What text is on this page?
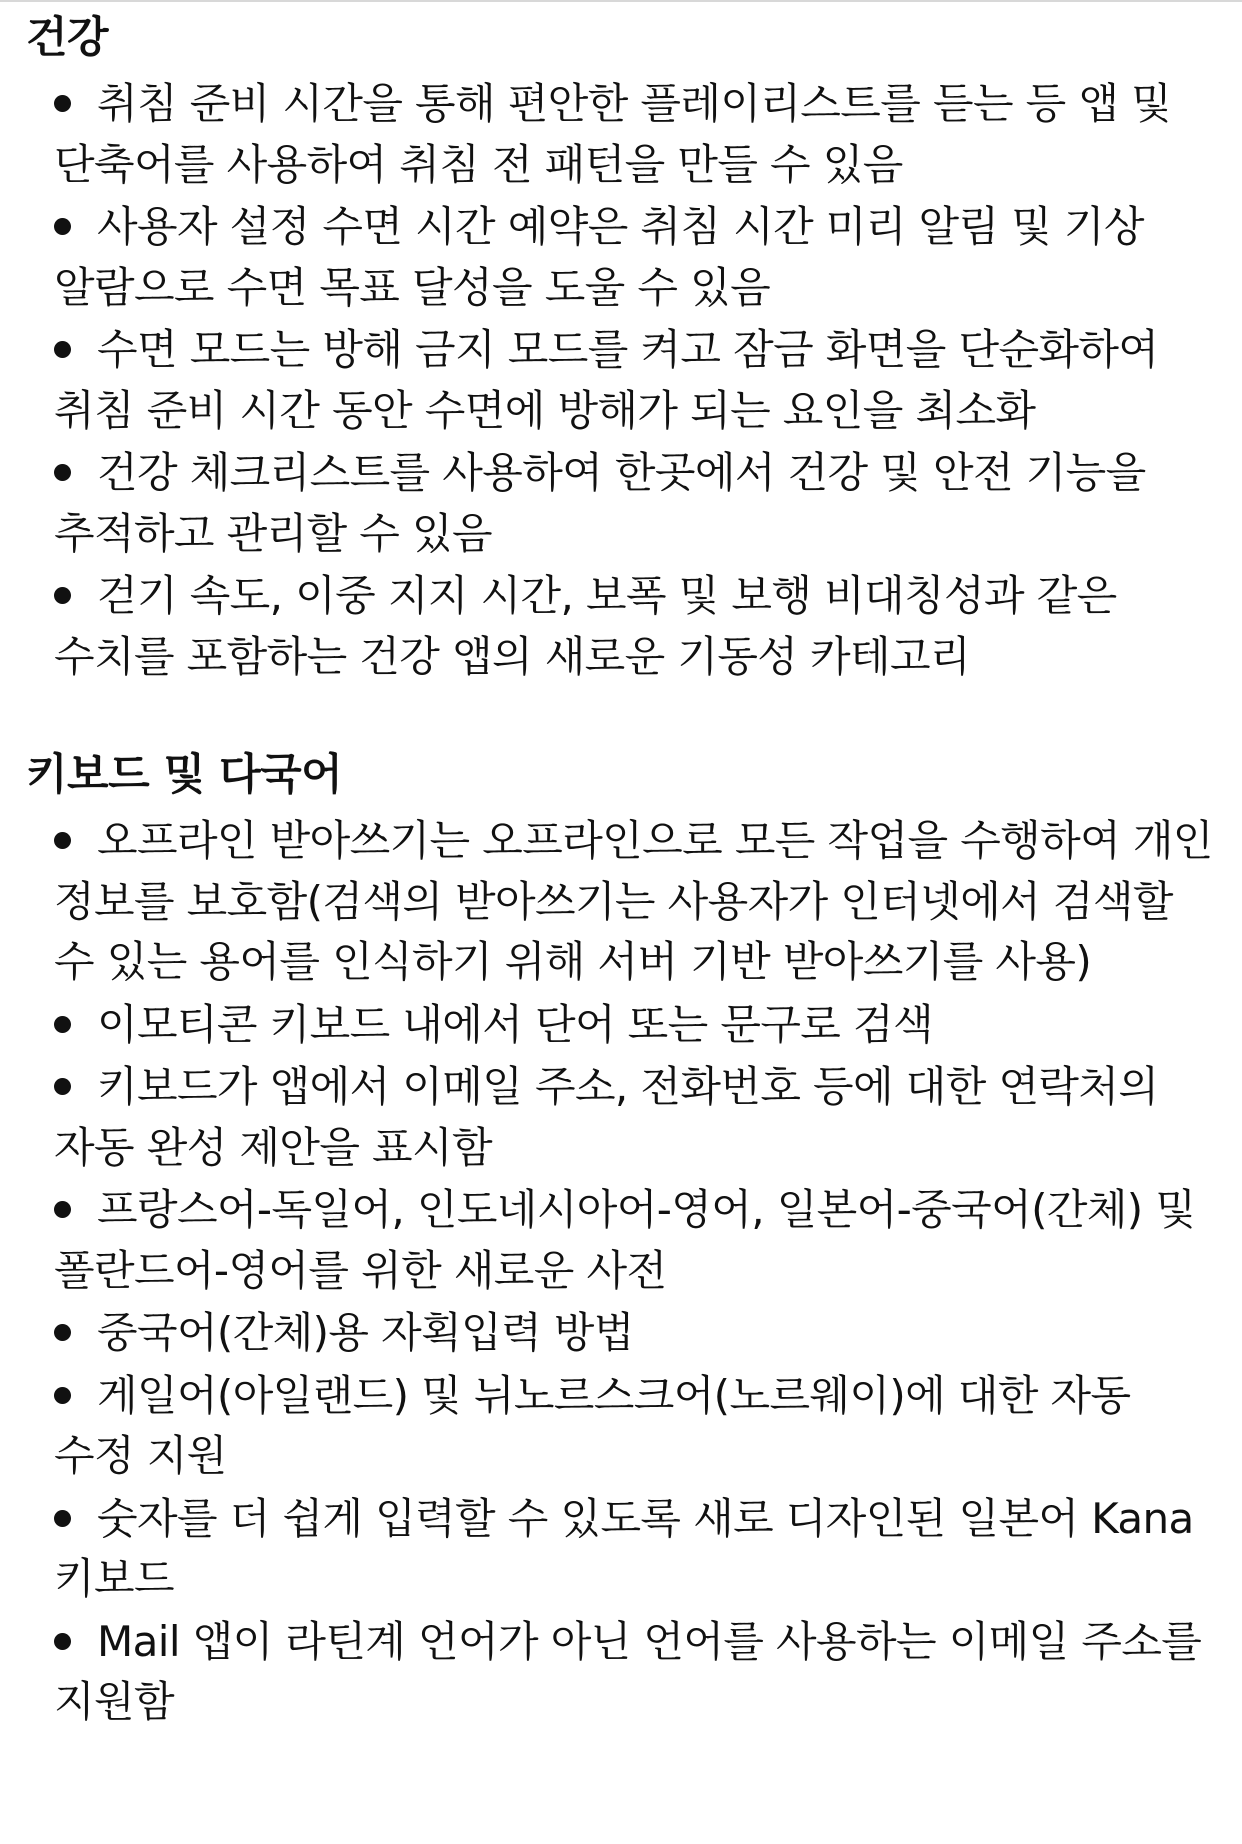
건강
취침 준비 시간을 통해 편안한 플레이리스트를 듣는 등 앱 및 단축어를 사용하여 취침 전 패턴을 만들 수 있음
사용자 설정 수면 시간 예약은 취침 시간 미리 알림 및 기상 알람으로 수면 목표 달성을 도울 수 있음
수면 모드는 방해 금지 모드를 켜고 잠금 화면을 단순화하여 취침 준비 시간 동안 수면에 방해가 되는 요인을 최소화
건강 체크리스트를 사용하여 한곳에서 건강 및 안전 기능을 추적하고 관리할 수 있음
걷기 속도, 이중 지지 시간, 보폭 및 보행 비대칭성과 같은 수치를 포함하는 건강 앱의 새로운 기동성 카테고리
키보드 및 다국어
오프라인 받아쓰기는 오프라인으로 모든 작업을 수행하여 개인 정보를 보호함(검색의 받아쓰기는 사용자가 인터넷에서 검색할 수 있는 용어를 인식하기 위해 서버 기반 받아쓰기를 사용)
이모티콘 키보드 내에서 단어 또는 문구로 검색
키보드가 앱에서 이메일 주소, 전화번호 등에 대한 연락처의 자동 완성 제안을 표시함
프랑스어-독일어, 인도네시아어-영어, 일본어-중국어(간체) 및 폴란드어-영어를 위한 새로운 사전
중국어(간체)용 자획입력 방법
게일어(아일랜드) 및 뉘노르스크어(노르웨이)에 대한 자동 수정 지원
숫자를 더 쉽게 입력할 수 있도록 새로 디자인된 일본어 Kana 키보드
Mail 앱이 라틴계 언어가 아닌 언어를 사용하는 이메일 주소를 지원함
